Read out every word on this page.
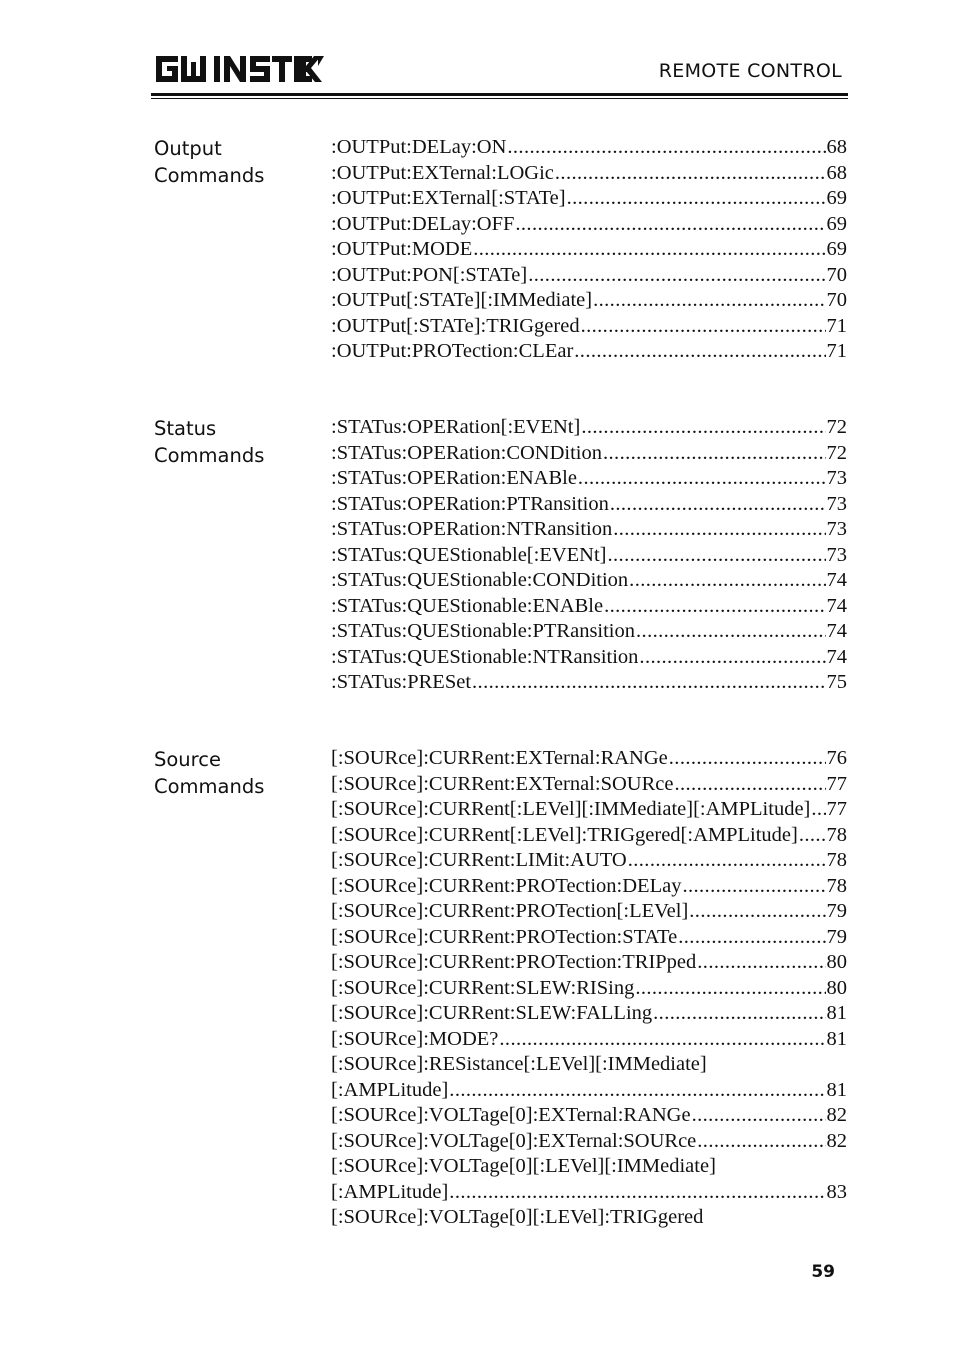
REMOTE CONTROL
Output
Commands
:OUTPut:DELay:ON .....	68
:OUTPut:EXTernal:LOGic .....	68
:OUTPut:EXTernal[:STATe] .....	69
:OUTPut:DELay:OFF .....	69
:OUTPut:MODE .....	69
:OUTPut:PON[:STATe] .....	70
:OUTPut[:STATe][:IMMediate] .....	70
:OUTPut[:STATe]:TRIGgered .....	71
:OUTPut:PROTection:CLEar .....	71
Status
Commands
:STATus:OPERation[:EVENt] .....	72
:STATus:OPERation:CONDition .....	72
:STATus:OPERation:ENABle .....	73
:STATus:OPERation:PTRansition .....	73
:STATus:OPERation:NTRansition .....	73
:STATus:QUEStionable[:EVENt] .....	73
:STATus:QUEStionable:CONDition .....	74
:STATus:QUEStionable:ENABle .....	74
:STATus:QUEStionable:PTRansition .....	74
:STATus:QUEStionable:NTRansition .....	74
:STATus:PRESet .....	75
Source
Commands
[:SOURce]:CURRent:EXTernal:RANGe .....	76
[:SOURce]:CURRent:EXTernal:SOURce .....	77
[:SOURce]:CURRent[:LEVel][:IMMediate][:AMPLitude] ..... 77
[:SOURce]:CURRent[:LEVel]:TRIGgered[:AMPLitude] ..... 78
[:SOURce]:CURRent:LIMit:AUTO .....	78
[:SOURce]:CURRent:PROTection:DELay .....	78
[:SOURce]:CURRent:PROTection[:LEVel] .....	79
[:SOURce]:CURRent:PROTection:STATe .....	79
[:SOURce]:CURRent:PROTection:TRIPped .....	80
[:SOURce]:CURRent:SLEW:RISing .....	80
[:SOURce]:CURRent:SLEW:FALLing .....	81
[:SOURce]:MODE? .....	81
[:SOURce]:RESistance[:LEVel][:IMMediate]
[:AMPLitude] .....	81
[:SOURce]:VOLTage[0]:EXTernal:RANGe .....	82
[:SOURce]:VOLTage[0]:EXTernal:SOURce .....	82
[:SOURce]:VOLTage[0][:LEVel][:IMMediate]
[:AMPLitude] .....	83
[:SOURce]:VOLTage[0][:LEVel]:TRIGgered
59
